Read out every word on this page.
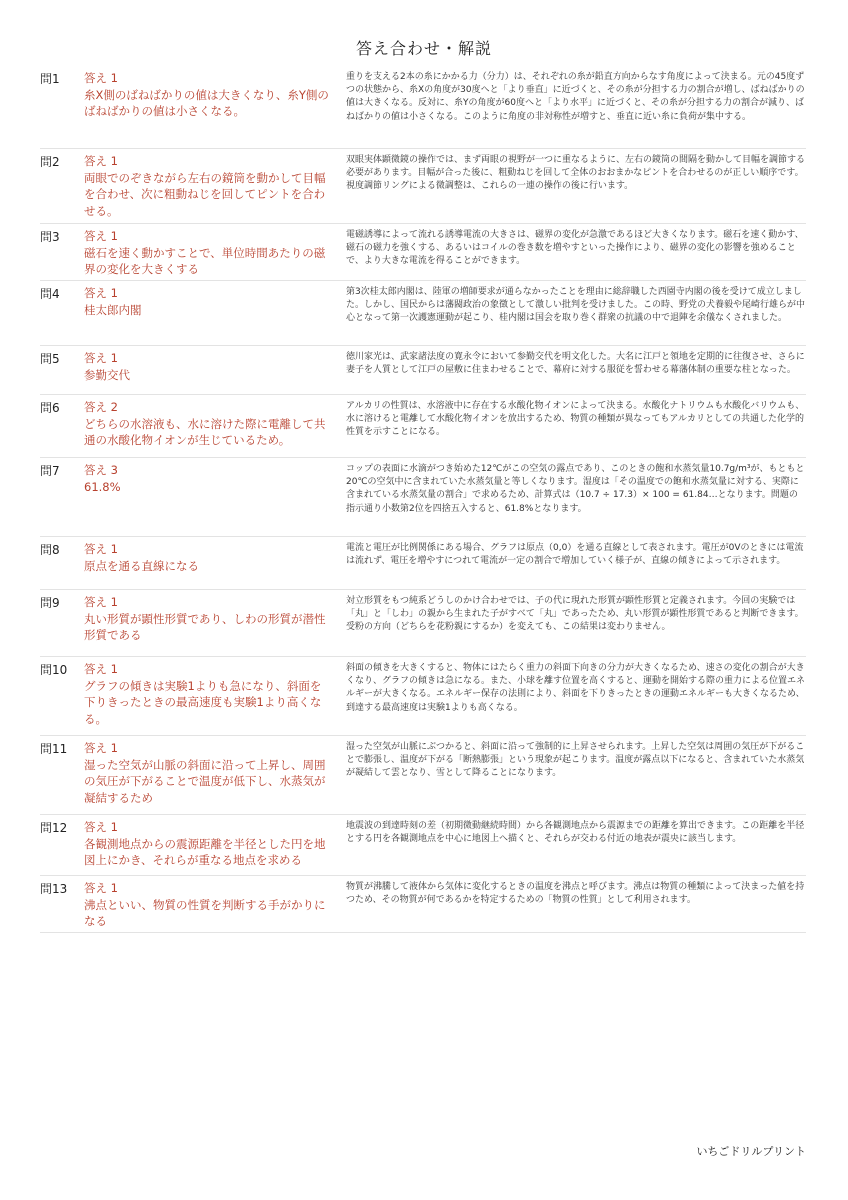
答え合わせ・解説
問1	答え 1
糸X側のばねばかりの値は大きくなり、糸Y側のばねばかりの値は小さくなる。
重りを支える2本の糸にかかる力（分力）は、それぞれの糸が鉛直方向からなす角度によって決まる。元の45度ずつの状態から、糸Xの角度が30度へと「より垂直」に近づくと、その糸が分担する力の割合が増し、ばねばかりの値は大きくなる。反対に、糸Yの角度が60度へと「より水平」に近づくと、その糸が分担する力の割合が減り、ばねばかりの値は小さくなる。このように角度の非対称性が増すと、垂直に近い糸に負荷が集中する。
問2	答え 1
両眼でのぞきながら左右の鏡筒を動かして目幅を合わせ、次に粗動ねじを回してピントを合わせる。
双眼実体顕微鏡の操作では、まず両眼の視野が一つに重なるように、左右の鏡筒の間隔を動かして目幅を調節する必要があります。目幅が合った後に、粗動ねじを回して全体のおおまかなピントを合わせるのが正しい順序です。視度調節リングによる微調整は、これらの一連の操作の後に行います。
問3	答え 1
磁石を速く動かすことで、単位時間あたりの磁界の変化を大きくする
電磁誘導によって流れる誘導電流の大きさは、磁界の変化が急激であるほど大きくなります。磁石を速く動かす、磁石の磁力を強くする、あるいはコイルの巻き数を増やすといった操作により、磁界の変化の影響を強めることで、より大きな電流を得ることができます。
問4	答え 1
桂太郎内閣
第3次桂太郎内閣は、陸軍の増師要求が通らなかったことを理由に総辞職した西園寺内閣の後を受けて成立しました。しかし、国民からは藩閥政治の象徴として激しい批判を受けました。この時、野党の犬養毅や尾崎行雄らが中心となって第一次護憲運動が起こり、桂内閣は国会を取り巻く群衆の抗議の中で退陣を余儀なくされました。
問5	答え 1
参勤交代
徳川家光は、武家諸法度の寛永令において参勤交代を明文化した。大名に江戸と領地を定期的に往復させ、さらに妻子を人質として江戸の屋敷に住まわせることで、幕府に対する服従を誓わせる幕藩体制の重要な柱となった。
問6	答え 2
どちらの水溶液も、水に溶けた際に電離して共通の水酸化物イオンが生じているため。
アルカリの性質は、水溶液中に存在する水酸化物イオンによって決まる。水酸化ナトリウムも水酸化バリウムも、水に溶けると電離して水酸化物イオンを放出するため、物質の種類が異なってもアルカリとしての共通した化学的性質を示すことになる。
問7	答え 3
61.8%
コップの表面に水滴がつき始めた12℃がこの空気の露点であり、このときの飽和水蒸気量10.7g/m³が、もともと20℃の空気中に含まれていた水蒸気量と等しくなります。湿度は「その温度での飽和水蒸気量に対する、実際に含まれている水蒸気量の割合」で求めるため、計算式は（10.7 ÷ 17.3）× 100 = 61.84…となります。問題の指示通り小数第2位を四捨五入すると、61.8%となります。
問8	答え 1
原点を通る直線になる
電流と電圧が比例関係にある場合、グラフは原点（0,0）を通る直線として表されます。電圧が0Vのときには電流は流れず、電圧を増やすにつれて電流が一定の割合で増加していく様子が、直線の傾きによって示されます。
問9	答え 1
丸い形質が顕性形質であり、しわの形質が潜性形質である
対立形質をもつ純系どうしのかけ合わせでは、子の代に現れた形質が顕性形質と定義されます。今回の実験では「丸」と「しわ」の親から生まれた子がすべて「丸」であったため、丸い形質が顕性形質であると判断できます。受粉の方向（どちらを花粉親にするか）を変えても、この結果は変わりません。
問10 答え 1
グラフの傾きは実験1よりも急になり、斜面を下りきったときの最高速度も実験1より高くなる。
斜面の傾きを大きくすると、物体にはたらく重力の斜面下向きの分力が大きくなるため、速さの変化の割合が大きくなり、グラフの傾きは急になる。また、小球を離す位置を高くすると、運動を開始する際の重力による位置エネルギーが大きくなる。エネルギー保存の法則により、斜面を下りきったときの運動エネルギーも大きくなるため、到達する最高速度は実験1よりも高くなる。
問11 答え 1
湿った空気が山脈の斜面に沿って上昇し、周囲の気圧が下がることで温度が低下し、水蒸気が凝結するため
湿った空気が山脈にぶつかると、斜面に沿って強制的に上昇させられます。上昇した空気は周囲の気圧が下がることで膨張し、温度が下がる「断熱膨張」という現象が起こります。温度が露点以下になると、含まれていた水蒸気が凝結して雲となり、雪として降ることになります。
問12 答え 1
各観測地点からの震源距離を半径とした円を地図上にかき、それらが重なる地点を求める
地震波の到達時刻の差（初期微動継続時間）から各観測地点から震源までの距離を算出できます。この距離を半径とする円を各観測地点を中心に地図上へ描くと、それらが交わる付近の地表が震央に該当します。
問13 答え 1
沸点といい、物質の性質を判断する手がかりになる
物質が沸騰して液体から気体に変化するときの温度を沸点と呼びます。沸点は物質の種類によって決まった値を持つため、その物質が何であるかを特定するための「物質の性質」として利用されます。
いちごドリルプリント
